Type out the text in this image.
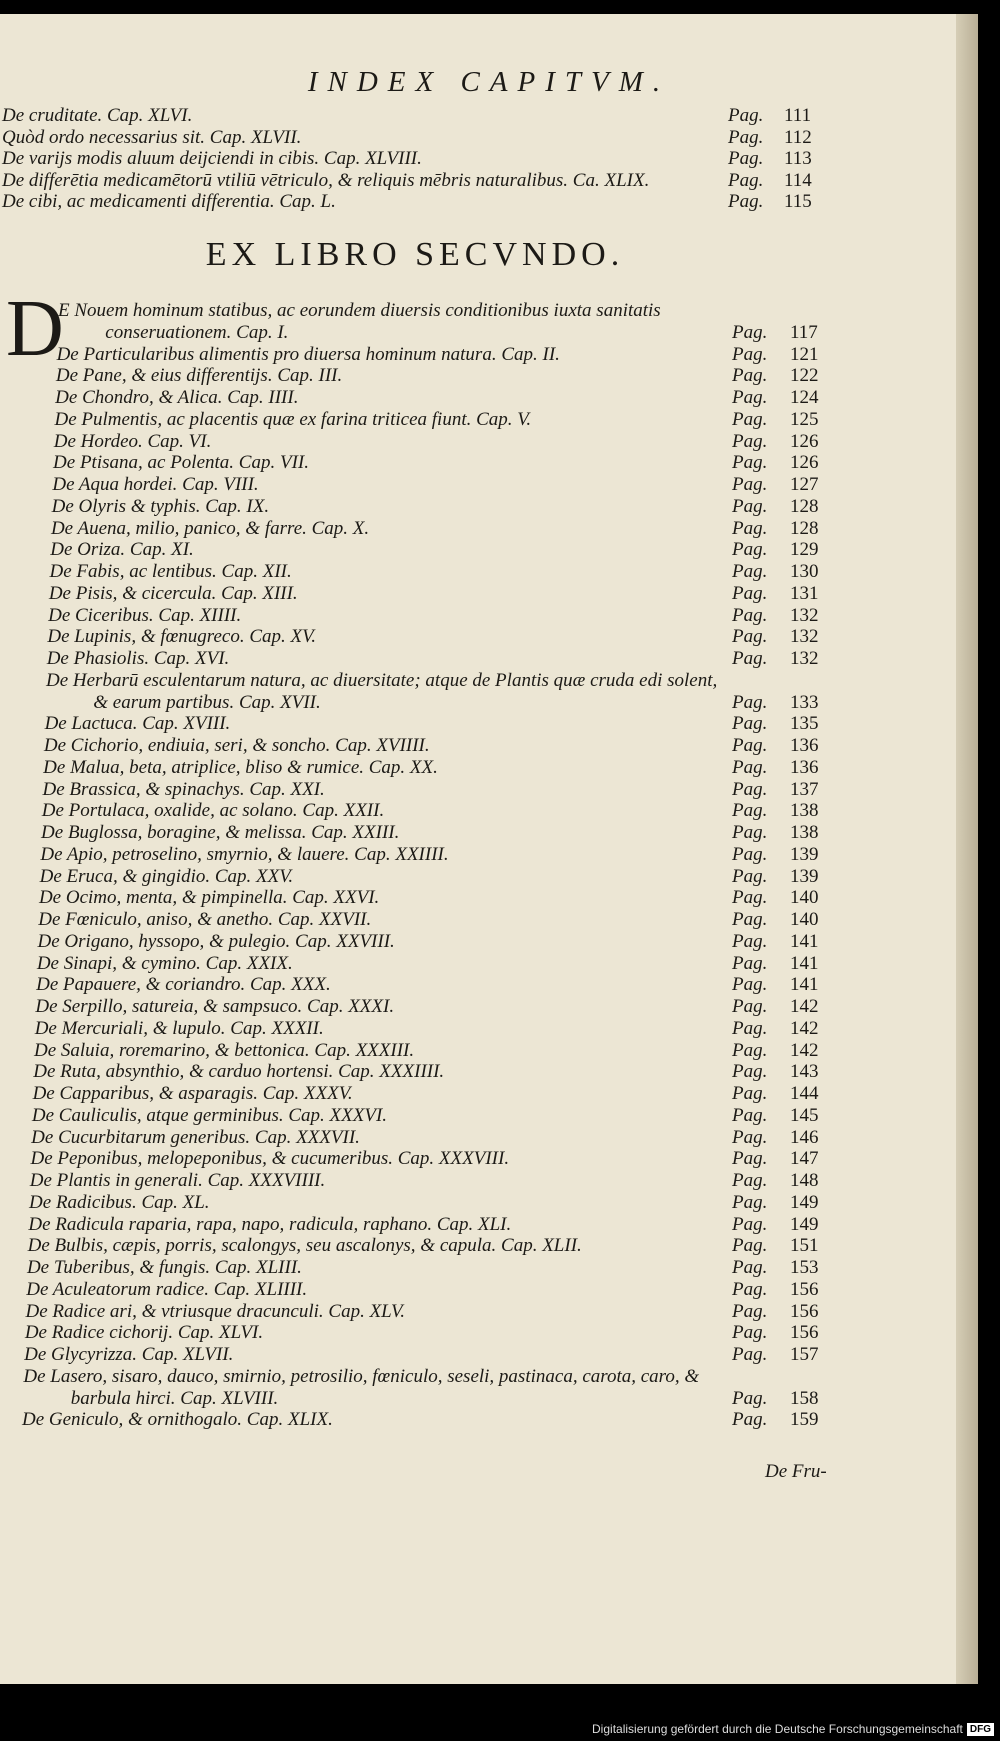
INDEX CAPITVM.
De cruditate. Cap. XLVI.	Pag.	111
Quòd ordo necessarius sit. Cap. XLVII.	Pag.	112
De varijs modis aluum deijciendi in cibis. Cap. XLVIII.	Pag.	113
De differētia medicamētorū vtiliū vētriculo, & reliquis mēbris naturalibus. Ca. XLIX.	Pag.	114
De cibi, ac medicamenti differentia. Cap. L.	Pag.	115
EX LIBRO SECVNDO.
D
E Nouem hominum statibus, ac eorundem diuersis conditionibus iuxta sanitatis
conseruationem. Cap. I.	Pag.	117
De Particularibus alimentis pro diuersa hominum natura. Cap. II.	Pag.	121
De Pane, & eius differentijs. Cap. III.	Pag.	122
De Chondro, & Alica. Cap. IIII.	Pag.	124
De Pulmentis, ac placentis quæ ex farina triticea fiunt. Cap. V.	Pag.	125
De Hordeo. Cap. VI.	Pag.	126
De Ptisana, ac Polenta. Cap. VII.	Pag.	126
De Aqua hordei. Cap. VIII.	Pag.	127
De Olyris & typhis. Cap. IX.	Pag.	128
De Auena, milio, panico, & farre. Cap. X.	Pag.	128
De Oriza. Cap. XI.	Pag.	129
De Fabis, ac lentibus. Cap. XII.	Pag.	130
De Pisis, & cicercula. Cap. XIII.	Pag.	131
De Ciceribus. Cap. XIIII.	Pag.	132
De Lupinis, & fœnugreco. Cap. XV.	Pag.	132
De Phasiolis. Cap. XVI.	Pag.	132
De Herbarū esculentarum natura, ac diuersitate; atque de Plantis quæ cruda edi solent,
& earum partibus. Cap. XVII.	Pag.	133
De Lactuca. Cap. XVIII.	Pag.	135
De Cichorio, endiuia, seri, & soncho. Cap. XVIIII.	Pag.	136
De Malua, beta, atriplice, bliso & rumice. Cap. XX.	Pag.	136
De Brassica, & spinachys. Cap. XXI.	Pag.	137
De Portulaca, oxalide, ac solano. Cap. XXII.	Pag.	138
De Buglossa, boragine, & melissa. Cap. XXIII.	Pag.	138
De Apio, petroselino, smyrnio, & lauere. Cap. XXIIII.	Pag.	139
De Eruca, & gingidio. Cap. XXV.	Pag.	139
De Ocimo, menta, & pimpinella. Cap. XXVI.	Pag.	140
De Fœniculo, aniso, & anetho. Cap. XXVII.	Pag.	140
De Origano, hyssopo, & pulegio. Cap. XXVIII.	Pag.	141
De Sinapi, & cymino. Cap. XXIX.	Pag.	141
De Papauere, & coriandro. Cap. XXX.	Pag.	141
De Serpillo, satureia, & sampsuco. Cap. XXXI.	Pag.	142
De Mercuriali, & lupulo. Cap. XXXII.	Pag.	142
De Saluia, roremarino, & bettonica. Cap. XXXIII.	Pag.	142
De Ruta, absynthio, & carduo hortensi. Cap. XXXIIII.	Pag.	143
De Capparibus, & asparagis. Cap. XXXV.	Pag.	144
De Cauliculis, atque germinibus. Cap. XXXVI.	Pag.	145
De Cucurbitarum generibus. Cap. XXXVII.	Pag.	146
De Peponibus, melopeponibus, & cucumeribus. Cap. XXXVIII.	Pag.	147
De Plantis in generali. Cap. XXXVIIII.	Pag.	148
De Radicibus. Cap. XL.	Pag.	149
De Radicula raparia, rapa, napo, radicula, raphano. Cap. XLI.	Pag.	149
De Bulbis, cæpis, porris, scalongys, seu ascalonys, & capula. Cap. XLII.	Pag.	151
De Tuberibus, & fungis. Cap. XLIII.	Pag.	153
De Aculeatorum radice. Cap. XLIIII.	Pag.	156
De Radice ari, & vtriusque dracunculi. Cap. XLV.	Pag.	156
De Radice cichorij. Cap. XLVI.	Pag.	156
De Glycyrizza. Cap. XLVII.	Pag.	157
De Lasero, sisaro, dauco, smirnio, petrosilio, fœniculo, seseli, pastinaca, carota, caro, &
barbula hirci. Cap. XLVIII.	Pag.	158
De Geniculo, & ornithogalo. Cap. XLIX.	Pag.	159
De Fru-
Digitalisierung gefördert durch die Deutsche Forschungsgemeinschaft DFG
